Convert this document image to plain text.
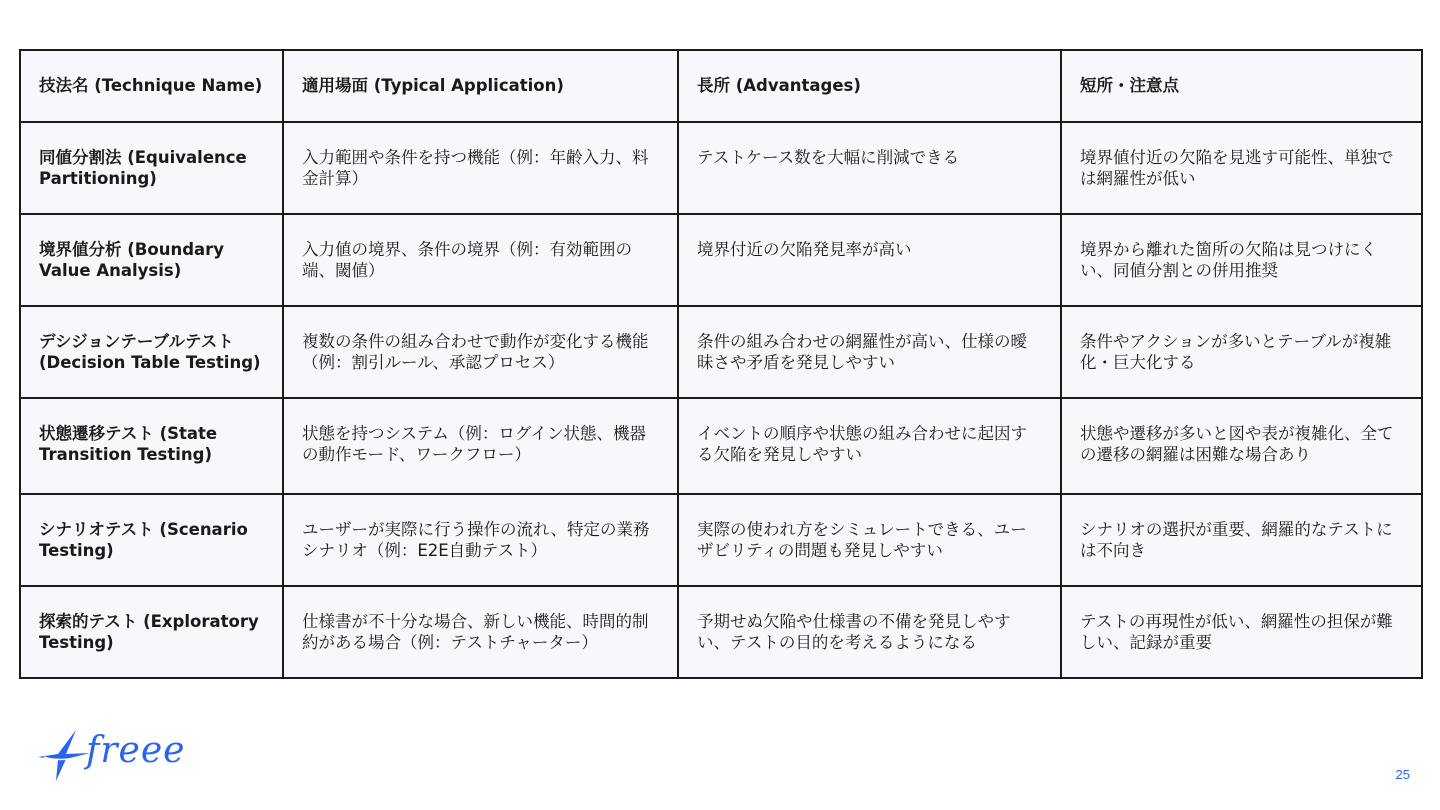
技法名 (Technique Name)	適用場面 (Typical Application)	長所 (Advantages)	短所・注意点
同値分割法 (Equivalence Partitioning)	入力範囲や条件を持つ機能（例：年齢入力、料金計算）	テストケース数を大幅に削減できる	境界値付近の欠陥を見逃す可能性、単独では網羅性が低い
境界値分析 (Boundary Value Analysis)	入力値の境界、条件の境界（例：有効範囲の端、閾値）	境界付近の欠陥発見率が高い	境界から離れた箇所の欠陥は見つけにくい、同値分割との併用推奨
デシジョンテーブルテスト (Decision Table Testing)	複数の条件の組み合わせで動作が変化する機能（例：割引ルール、承認プロセス）	条件の組み合わせの網羅性が高い、仕様の曖昧さや矛盾を発見しやすい	条件やアクションが多いとテーブルが複雑化・巨大化する
状態遷移テスト (State Transition Testing)	状態を持つシステム（例：ログイン状態、機器の動作モード、ワークフロー）	イベントの順序や状態の組み合わせに起因する欠陥を発見しやすい	状態や遷移が多いと図や表が複雑化、全ての遷移の網羅は困難な場合あり
シナリオテスト (Scenario Testing)	ユーザーが実際に行う操作の流れ、特定の業務シナリオ（例：E2E自動テスト）	実際の使われ方をシミュレートできる、ユーザビリティの問題も発見しやすい	シナリオの選択が重要、網羅的なテストには不向き
探索的テスト (Exploratory Testing)	仕様書が不十分な場合、新しい機能、時間的制約がある場合（例：テストチャーター）	予期せぬ欠陥や仕様書の不備を発見しやすい、テストの目的を考えるようになる	テストの再現性が低い、網羅性の担保が難しい、記録が重要
freee
25
